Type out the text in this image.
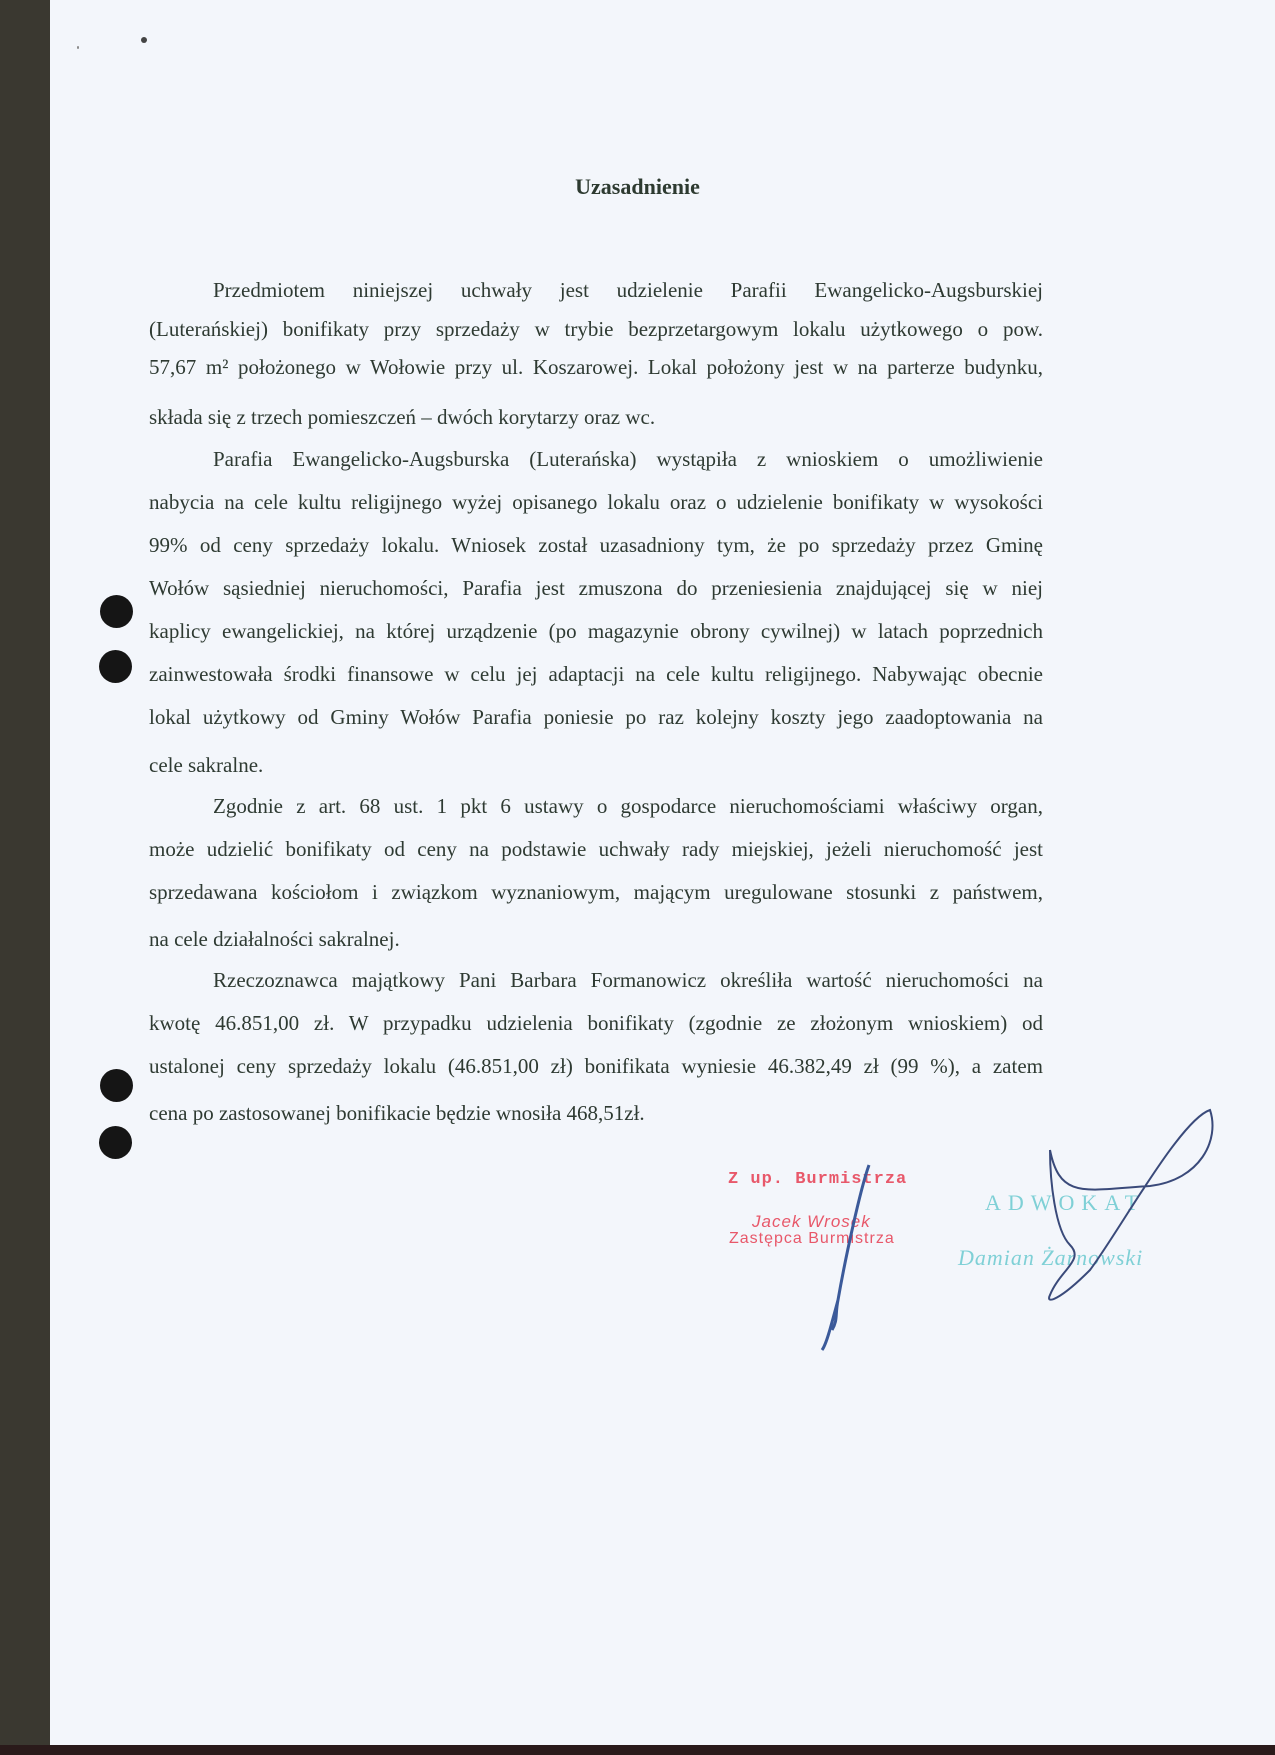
Uzasadnienie
Przedmiotem niniejszej uchwały jest udzielenie Parafii Ewangelicko-Augsburskiej
(Luterańskiej) bonifikaty przy sprzedaży w trybie bezprzetargowym lokalu użytkowego o pow.
57,67 m² położonego w Wołowie przy ul. Koszarowej. Lokal położony jest w na parterze budynku,
składa się z trzech pomieszczeń – dwóch korytarzy oraz wc.
Parafia Ewangelicko-Augsburska (Luterańska) wystąpiła z wnioskiem o umożliwienie
nabycia na cele kultu religijnego wyżej opisanego lokalu oraz o udzielenie bonifikaty w wysokości
99% od ceny sprzedaży lokalu. Wniosek został uzasadniony tym, że po sprzedaży przez Gminę
Wołów sąsiedniej nieruchomości, Parafia jest zmuszona do przeniesienia znajdującej się w niej
kaplicy ewangelickiej, na której urządzenie (po magazynie obrony cywilnej) w latach poprzednich
zainwestowała środki finansowe w celu jej adaptacji na cele kultu religijnego. Nabywając obecnie
lokal użytkowy od Gminy Wołów Parafia poniesie po raz kolejny koszty jego zaadoptowania na
cele sakralne.
Zgodnie z art. 68 ust. 1 pkt 6 ustawy o gospodarce nieruchomościami właściwy organ,
może udzielić bonifikaty od ceny na podstawie uchwały rady miejskiej, jeżeli nieruchomość jest
sprzedawana kościołom i związkom wyznaniowym, mającym uregulowane stosunki z państwem,
na cele działalności sakralnej.
Rzeczoznawca majątkowy Pani Barbara Formanowicz określiła wartość nieruchomości na
kwotę 46.851,00 zł. W przypadku udzielenia bonifikaty (zgodnie ze złożonym wnioskiem) od
ustalonej ceny sprzedaży lokalu (46.851,00 zł) bonifikata wyniesie 46.382,49 zł (99 %), a zatem
cena po zastosowanej bonifikacie będzie wnosiła 468,51zł.
Z up. Burmistrza
Jacek Wrosek
Zastępca Burmistrza
ADWOKAT
Damian Żarnowski
